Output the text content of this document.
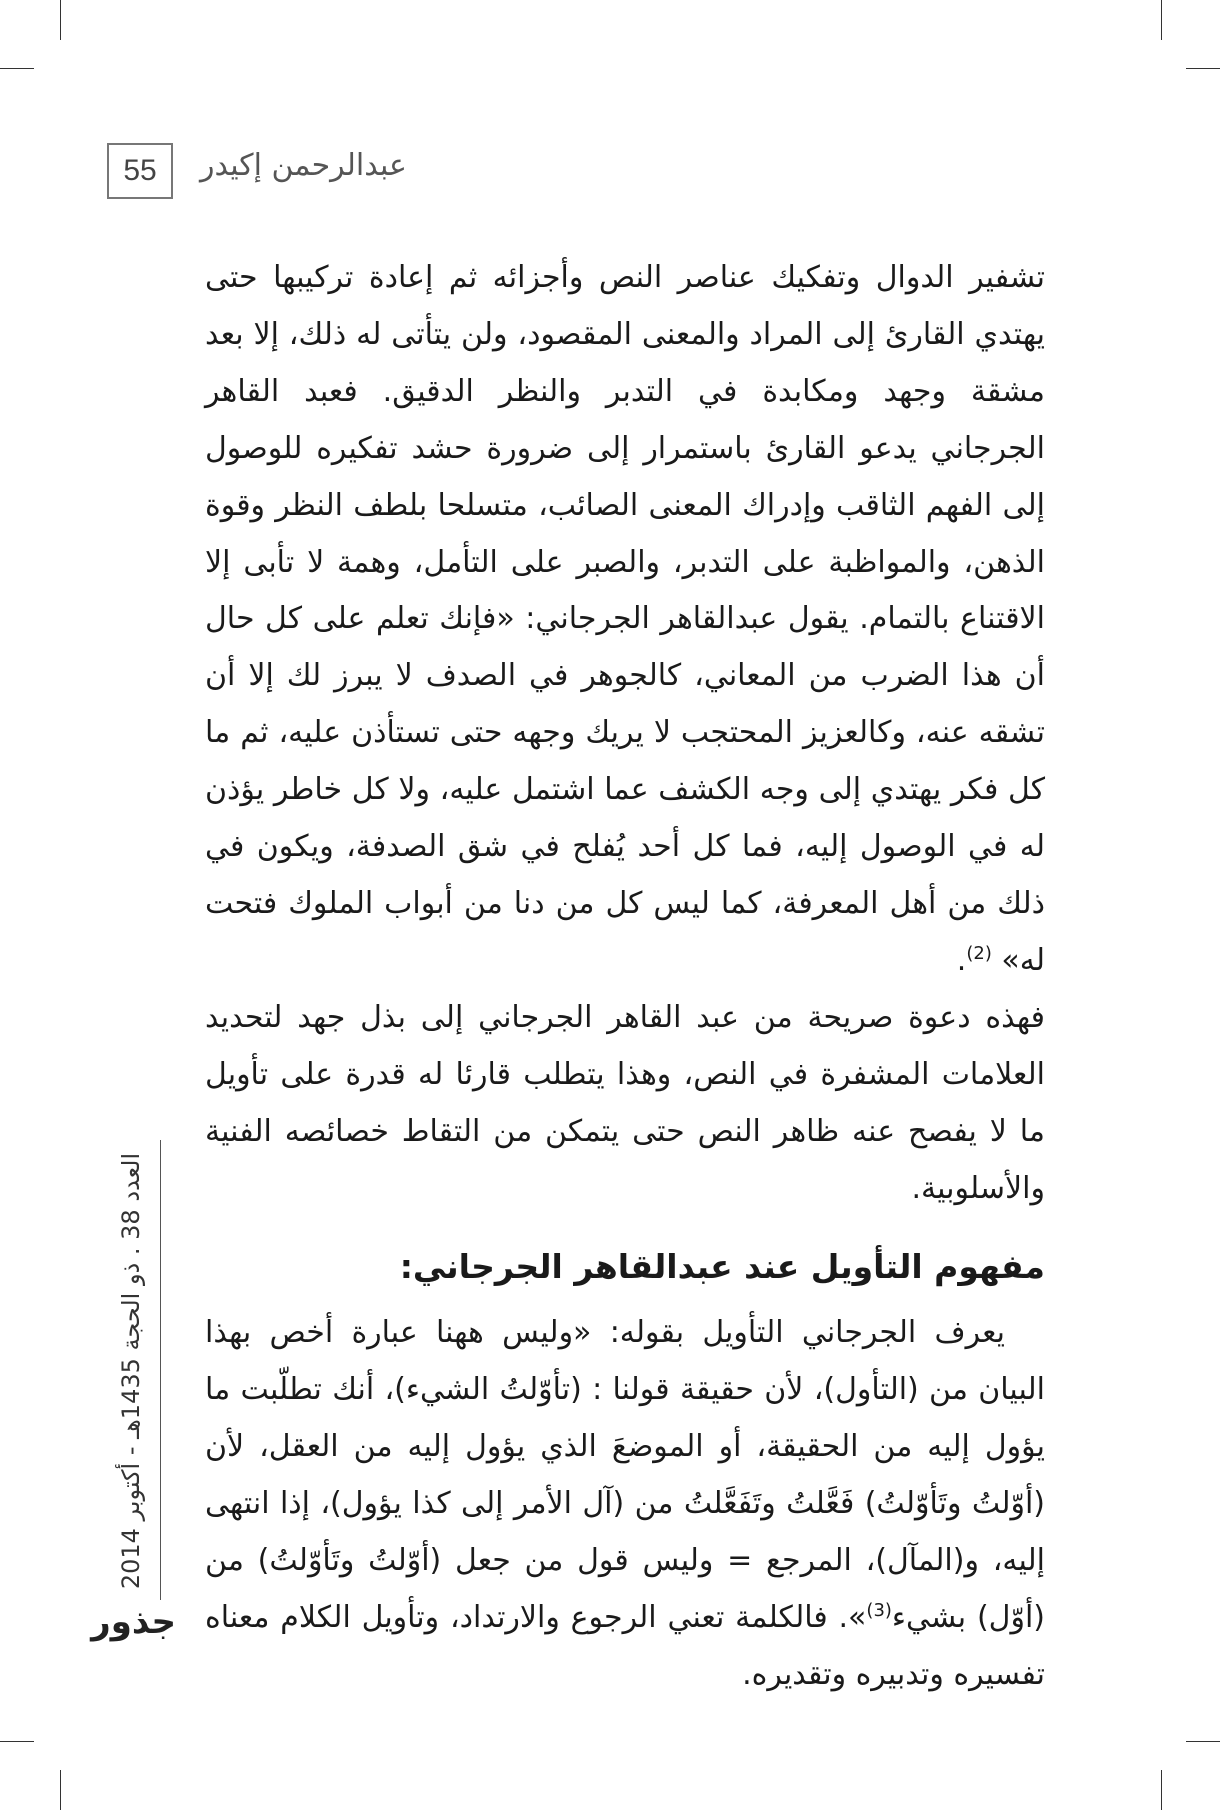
55	عبدالرحمن إكيدر

تشفير الدوال وتفكيك عناصر النص وأجزائه ثم إعادة تركيبها حتى يهتدي القارئ إلى المراد والمعنى المقصود، ولن يتأتى له ذلك، إلا بعد مشقة وجهد ومكابدة في التدبر والنظر الدقيق. فعبد القاهر الجرجاني يدعو القارئ باستمرار إلى ضرورة حشد تفكيره للوصول إلى الفهم الثاقب وإدراك المعنى الصائب، متسلحا بلطف النظر وقوة الذهن، والمواظبة على التدبر، والصبر على التأمل، وهمة لا تأبى إلا الاقتناع بالتمام. يقول عبدالقاهر الجرجاني: «فإنك تعلم على كل حال أن هذا الضرب من المعاني، كالجوهر في الصدف لا يبرز لك إلا أن تشقه عنه، وكالعزيز المحتجب لا يريك وجهه حتى تستأذن عليه، ثم ما كل فكر يهتدي إلى وجه الكشف عما اشتمل عليه، ولا كل خاطر يؤذن له في الوصول إليه، فما كل أحد يُفلح في شق الصدفة، ويكون في ذلك من أهل المعرفة، كما ليس كل من دنا من أبواب الملوك فتحت له» $^{(2)}$.

فهذه دعوة صريحة من عبد القاهر الجرجاني إلى بذل جهد لتحديد العلامات المشفرة في النص، وهذا يتطلب قارئا له قدرة على تأويل ما لا يفصح عنه ظاهر النص حتى يتمكن من التقاط خصائصه الفنية والأسلوبية.

مفهوم التأويل عند عبدالقاهر الجرجاني:

يعرف الجرجاني التأويل بقوله: «وليس ههنا عبارة أخص بهذا البيان من (التأول)، لأن حقيقة قولنا : (تأوّلتُ الشيء)، أنك تطلّبت ما يؤول إليه من الحقيقة، أو الموضعَ الذي يؤول إليه من العقل، لأن (أوّلتُ وتَأوّلتُ) فَعَّلتُ وتَفَعَّلتُ من (آل الأمر إلى كذا يؤول)، إذا انتهى إليه، و(المآل)، المرجع = وليس قول من جعل (أوّلتُ وتَأوّلتُ) من (أوّل) بشيء$^{(3)}$». فالكلمة تعني الرجوع والارتداد، وتأويل الكلام معناه تفسيره وتدبيره وتقديره.

العدد 38 . ذو الحجة 1435هـ - أكتوبر 2014
جذور
